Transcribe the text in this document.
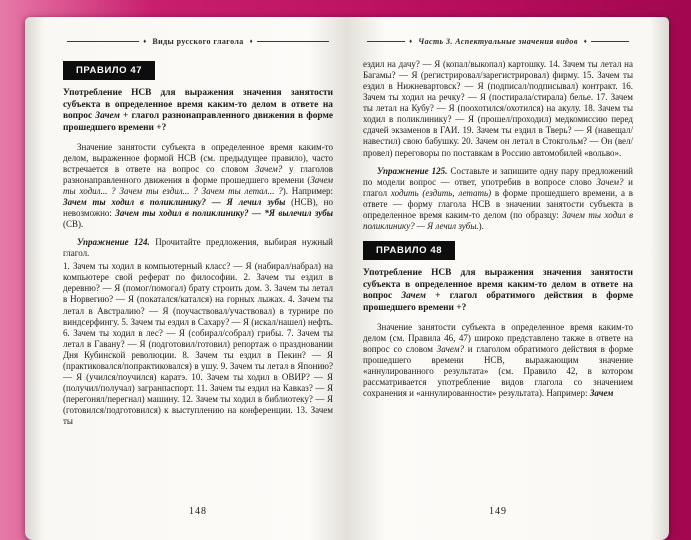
♦ Виды русского глагола	♦
ПРАВИЛО 47

Употребление НСВ для выражения значения занятости субъекта в определенное время каким-то делом в ответе на вопрос Зачем + глагол разнонаправленного движения в форме прошедшего времени +?

Значение занятости субъекта в определенное время каким-то делом, выраженное формой НСВ (см. предыдущее правило), часто встречается в ответе на вопрос со словом Зачем? у глаголов разнонаправленного движения в форме прошедшего времени (Зачем ты ходил... ? Зачем ты ездил... ? Зачем ты летал... ?). Например: Зачем ты ходил в поликлинику? — Я лечил зубы (НСВ), но невозможно: Зачем ты ходил в поликлинику? — *Я вылечил зубы (СВ).

Упражнение 124. Прочитайте предложения, выбирая нужный глагол.

1. Зачем ты ходил в компьютерный класс? — Я (набирал/набрал) на компьютере свой реферат по философии. 2. Зачем ты ездил в деревню? — Я (помог/помогал) брату строить дом. 3. Зачем ты летал в Норвегию? — Я (покатался/катался) на горных лыжах. 4. Зачем ты летал в Австралию? — Я (поучаствовал/участвовал) в турнире по виндсерфингу. 5. Зачем ты ездил в Сахару? — Я (искал/нашел) нефть. 6. Зачем ты ходил в лес? — Я (собирал/собрал) грибы. 7. Зачем ты летал в Гавану? — Я (подготовил/готовил) репортаж о праздновании Дня Кубинской революции. 8. Зачем ты ездил в Пекин? — Я (практиковался/попрактиковался) в ушу. 9. Зачем ты летал в Японию? — Я (учился/поучился) каратэ. 10. Зачем ты ходил в ОВИР? — Я (получил/получал) загранпаспорт. 11. Зачем ты ездил на Кавказ? — Я (перегонял/перегнал) машину. 12. Зачем ты ходил в библиотеку? — Я (готовился/подготовился) к выступлению на конференции. 13. Зачем ты

148
♦ Часть 3. Аспектуальные значения видов	♦

ездил на дачу? — Я (копал/выкопал) картошку. 14. Зачем ты летал на Багамы? — Я (регистрировал/зарегистрировал) фирму. 15. Зачем ты ездил в Нижневартовск? — Я (подписал/подписывал) контракт. 16. Зачем ты ходил на речку? — Я (постирала/стирала) белье. 17. Зачем ты летал на Кубу? — Я (поохотился/охотился) на акулу. 18. Зачем ты ходил в поликлинику? — Я (прошел/проходил) медкомиссию перед сдачей экзаменов в ГАИ. 19. Зачем ты ездил в Тверь? — Я (навещал/навестил) свою бабушку. 20. Зачем он летал в Стокгольм? — Он (вел/провел) переговоры по поставкам в Россию автомобилей «вольво».

Упражнение 125. Составьте и запишите одну пару предложений по модели вопрос — ответ, употребив в вопросе слово Зачем? и глагол ходить (ездить, летать) в форме прошедшего времени, а в ответе — форму глагола НСВ в значении занятости субъекта в определенное время каким-то делом (по образцу: Зачем ты ходил в поликлинику? — Я лечил зубы.).

ПРАВИЛО 48

Употребление НСВ для выражения значения занятости субъекта в определенное время каким-то делом в ответе на вопрос Зачем + глагол обратимого действия в форме прошедшего времени +?

Значение занятости субъекта в определенное время каким-то делом (см. Правила 46, 47) широко представлено также в ответе на вопрос со словом Зачем? и глаголом обратимого действия в форме прошедшего времени НСВ, выражающим значение «аннулированного результата» (см. Правило 42, в котором рассматривается употребление видов глагола со значением сохранения и «аннулированности» результата). Например: Зачем

149
